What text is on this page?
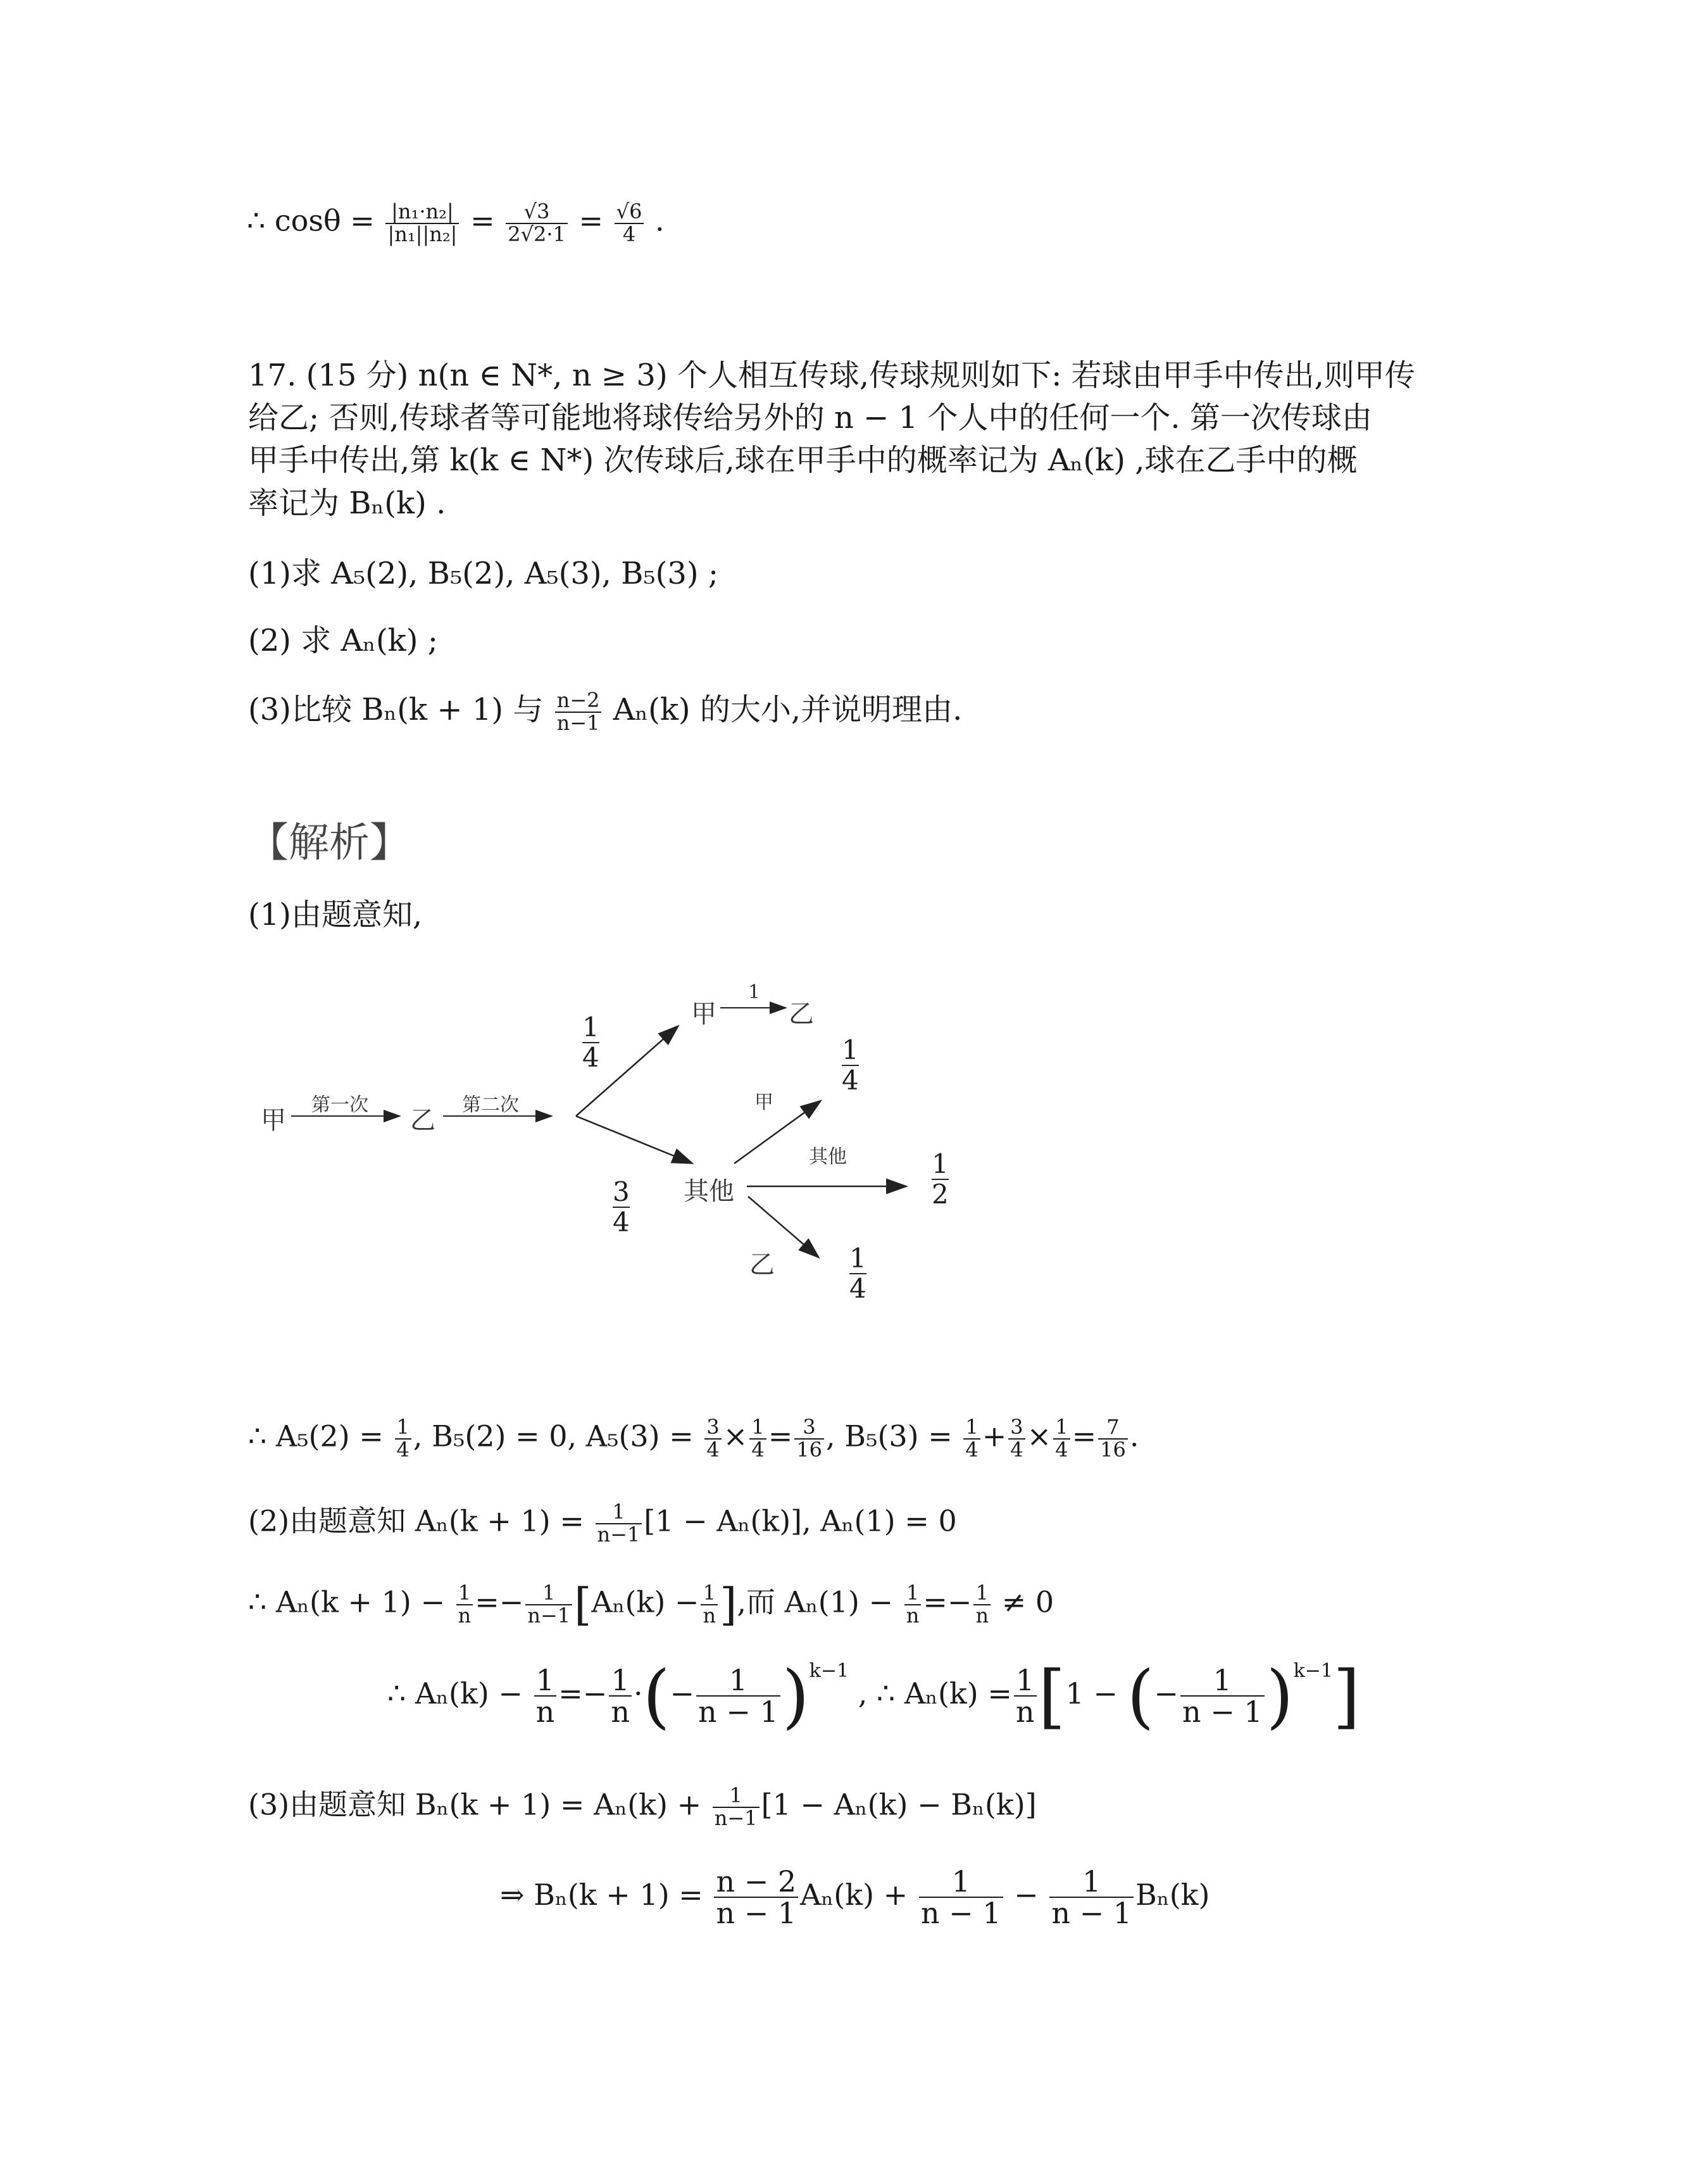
∴ $\cos\theta = \frac{\text{|n₁·n₂|}}{\text{|n₁||n₂|}} = \frac{√3}{2√2\cdot 1} = \frac{√6}{4}$ .
17. (15 分) n(n ∈ N*, n ≥ 3) 个人相互传球,传球规则如下: 若球由甲手中传出,则甲传
给乙; 否则,传球者等可能地将球传给另外的 n − 1 个人中的任何一个. 第一次传球由
甲手中传出,第 k(k ∈ N*) 次传球后,球在甲手中的概率记为 Aₙ(k) ,球在乙手中的概
率记为 Bₙ(k) .
(1)求 A₅(2), B₅(2), A₅(3), B₅(3) ;
(2) 求 Aₙ(k) ;
(3)比较 Bₙ(k + 1) 与 $\frac{n-2}{n-1} A_n(k)$ 的大小,并说明理由.
【解析】
(1)由题意知,
甲
第一次
乙
第二次
甲
1
乙
1
4
3
4
其他
甲
1
4
其他	1
2
乙	1
4
∴ $A_5(2) = \frac{1}{4}$ , B₅(2) = 0, $A_5(3) = \frac{3}{4} \times \frac{1}{4} = \frac{3}{16}$ , $B_5(3) = \frac{1}{4} + \frac{3}{4} \times \frac{1}{4} = \frac{7}{16}$ .
(2)由题意知 $A_n(k + 1) = \frac{1}{n-1} [1 - A_n(k)]$, Aₙ(1) = 0
∴ $A_n(k + 1) - \frac{1}{n} =- \frac{1}{n-1} [A_n(k) - \frac{1}{n}$ ],而 $A_n(1) - \frac{1}{n} =- \frac{1}{n} \ne 0$
∴ $A_n(k) - \frac{1}{n} =- \frac{1}{n}$ ·(− $\frac{1}{n - 1} )^{k-1}$ , ∴ $A_n(k) = \frac{1}{n} [1$ − (− $\frac{1}{n - 1} )^{k-1}$]
(3)由题意知 $B_n(k + 1) = A_n(k) + \frac{1}{n-1} [1 - A_n(k) - B_n(k)]$
⇒ $B_n(k + 1) = \frac{n - 2}{n - 1} A_n(k) + \frac{1}{n - 1} - \frac{1}{n - 1} B_n(k)$
